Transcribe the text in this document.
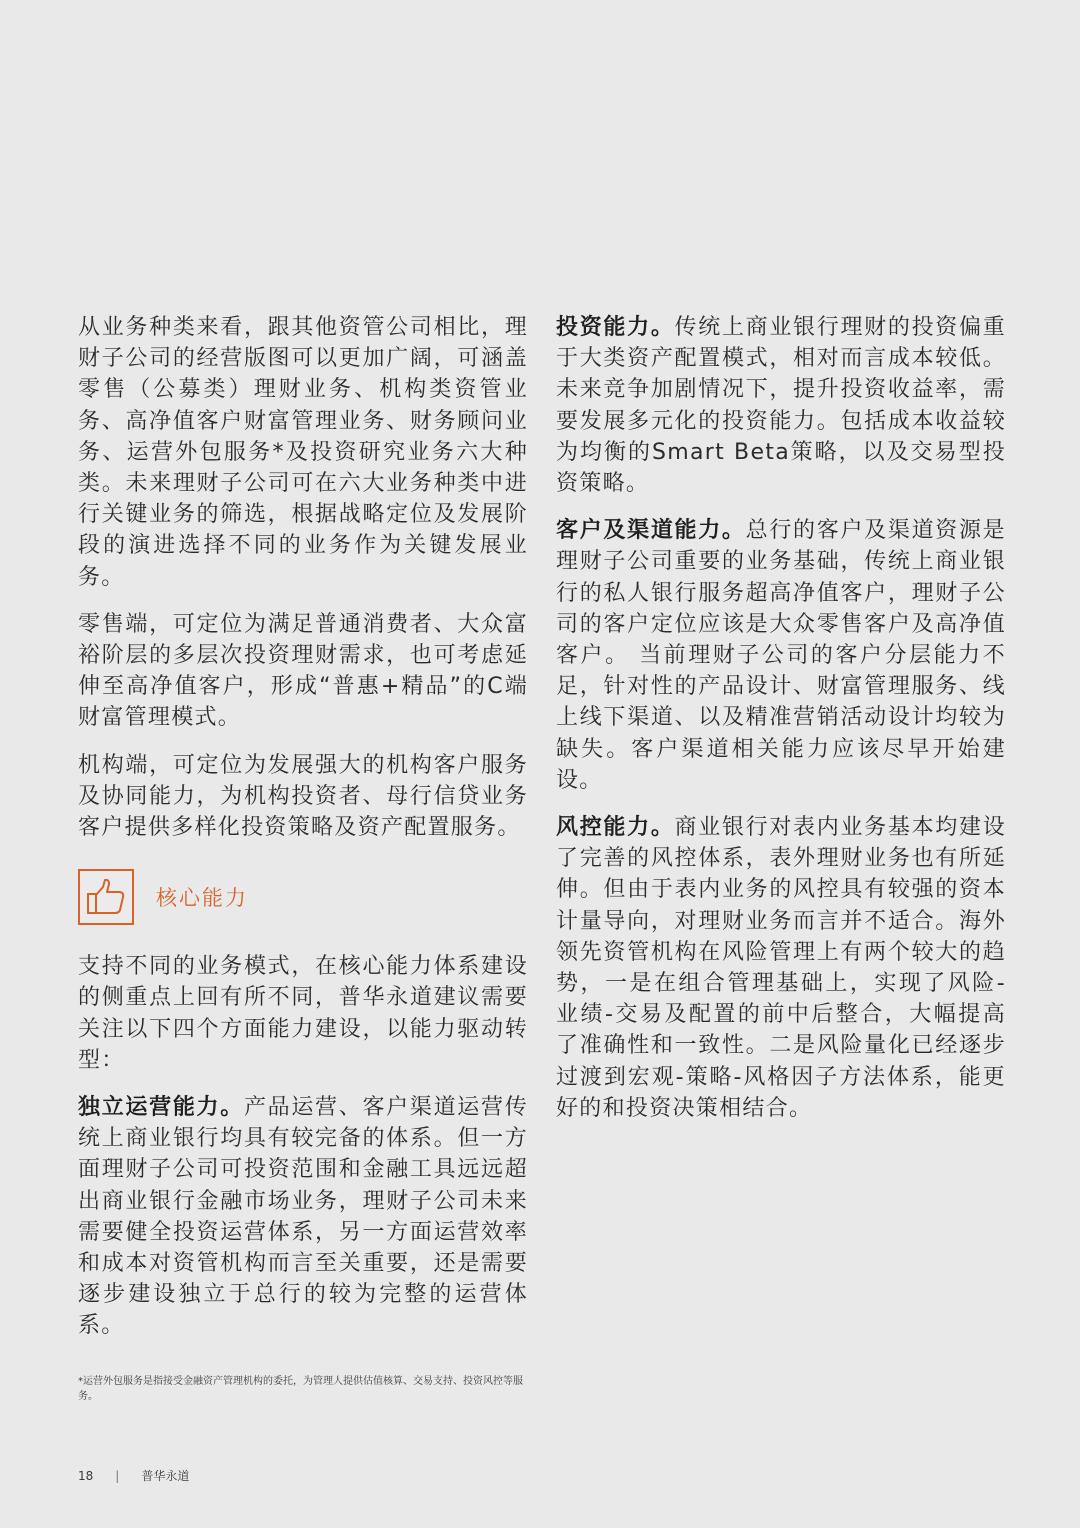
从业务种类来看，跟其他资管公司相比，理财子公司的经营版图可以更加广阔，可涵盖零售（公募类）理财业务、机构类资管业务、高净值客户财富管理业务、财务顾问业务、运营外包服务*及投资研究业务六大种类。未来理财子公司可在六大业务种类中进行关键业务的筛选，根据战略定位及发展阶段的演进选择不同的业务作为关键发展业务。

零售端，可定位为满足普通消费者、大众富裕阶层的多层次投资理财需求，也可考虑延伸至高净值客户，形成“普惠+精品”的C端财富管理模式。

机构端，可定位为发展强大的机构客户服务及协同能力，为机构投资者、母行信贷业务客户提供多样化投资策略及资产配置服务。

核心能力

支持不同的业务模式，在核心能力体系建设的侧重点上回有所不同，普华永道建议需要关注以下四个方面能力建设，以能力驱动转型：

独立运营能力。产品运营、客户渠道运营传统上商业银行均具有较完备的体系。但一方面理财子公司可投资范围和金融工具远远超出商业银行金融市场业务，理财子公司未来需要健全投资运营体系，另一方面运营效率和成本对资管机构而言至关重要，还是需要逐步建设独立于总行的较为完整的运营体系。

投资能力。传统上商业银行理财的投资偏重于大类资产配置模式，相对而言成本较低。未来竞争加剧情况下，提升投资收益率，需要发展多元化的投资能力。包括成本收益较为均衡的Smart Beta策略，以及交易型投资策略。

客户及渠道能力。总行的客户及渠道资源是理财子公司重要的业务基础，传统上商业银行的私人银行服务超高净值客户，理财子公司的客户定位应该是大众零售客户及高净值客户。 当前理财子公司的客户分层能力不足，针对性的产品设计、财富管理服务、线上线下渠道、以及精准营销活动设计均较为缺失。客户渠道相关能力应该尽早开始建设。

风控能力。商业银行对表内业务基本均建设了完善的风控体系，表外理财业务也有所延伸。但由于表内业务的风控具有较强的资本计量导向，对理财业务而言并不适合。海外领先资管机构在风险管理上有两个较大的趋势，一是在组合管理基础上，实现了风险-业绩-交易及配置的前中后整合，大幅提高了准确性和一致性。二是风险量化已经逐步过渡到宏观-策略-风格因子方法体系，能更好的和投资决策相结合。

*运营外包服务是指接受金融资产管理机构的委托，为管理人提供估值核算、交易支持、投资风控等服务。

18 | 普华永道
